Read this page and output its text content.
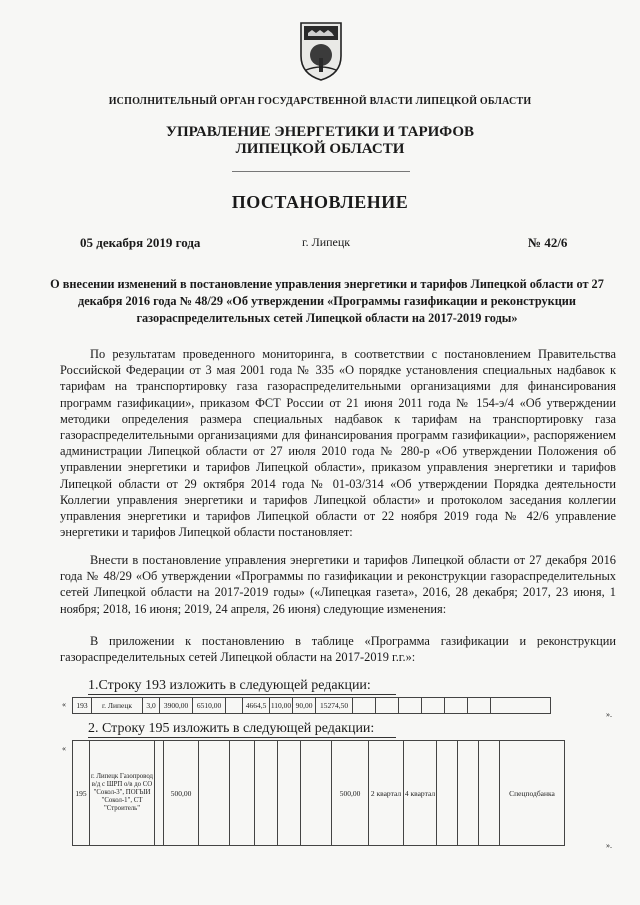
ИСПОЛНИТЕЛЬНЫЙ ОРГАН ГОСУДАРСТВЕННОЙ ВЛАСТИ ЛИПЕЦКОЙ ОБЛАСТИ
УПРАВЛЕНИЕ ЭНЕРГЕТИКИ И ТАРИФОВ
ЛИПЕЦКОЙ ОБЛАСТИ
ПОСТАНОВЛЕНИЕ
05 декабря 2019 года	г. Липецк	№ 42/6
О внесении изменений в постановление управления энергетики и тарифов Липецкой области от 27 декабря 2016 года № 48/29 «Об утверждении «Программы газификации и реконструкции газораспределительных сетей Липецкой области на 2017-2019 годы»
По результатам проведенного мониторинга, в соответствии с постановлением Правительства Российской Федерации от 3 мая 2001 года № 335 «О порядке установления специальных надбавок к тарифам на транспортировку газа газораспределительными организациями для финансирования программ газификации», приказом ФСТ России от 21 июня 2011 года № 154-э/4 «Об утверждении методики определения размера специальных надбавок к тарифам на транспортировку газа газораспределительными организациями для финансирования программ газификации», распоряжением администрации Липецкой области от 27 июля 2010 года № 280-р «Об утверждении Положения об управлении энергетики и тарифов Липецкой области», приказом управления энергетики и тарифов Липецкой области от 29 октября 2014 года № 01-03/314 «Об утверждении Порядка деятельности Коллегии управления энергетики и тарифов Липецкой области» и протоколом заседания коллегии управления энергетики и тарифов Липецкой области от 22 ноября 2019 года № 42/6 управление энергетики и тарифов Липецкой области постановляет:
Внести в постановление управления энергетики и тарифов Липецкой области от 27 декабря 2016 года № 48/29 «Об утверждении «Программы по газификации и реконструкции газораспределительных сетей Липецкой области на 2017-2019 годы» («Липецкая газета», 2016, 28 декабря; 2017, 23 июня, 1 ноября; 2018, 16 июня; 2019, 24 апреля, 26 июня) следующие изменения:
В приложении к постановлению в таблице «Программа газификации и реконструкции газораспределительных сетей Липецкой области на 2017-2019 г.г.»:
1.Строку 193 изложить в следующей редакции:
« 193	г. Липецк	3,0	3900,00	6510,00		4664,5	110,00	90,00	15274,50							
».
2. Строку 195 изложить в следующей редакции:
«
195	г. Липецк Газопровод в/д с ШРП о/в до СО "Сокол-3", ПОГЫИ "Сокол-1", СТ "Строитель"		500,00						500,00	2 квартал	4 квартал				Спецподбанка
».
